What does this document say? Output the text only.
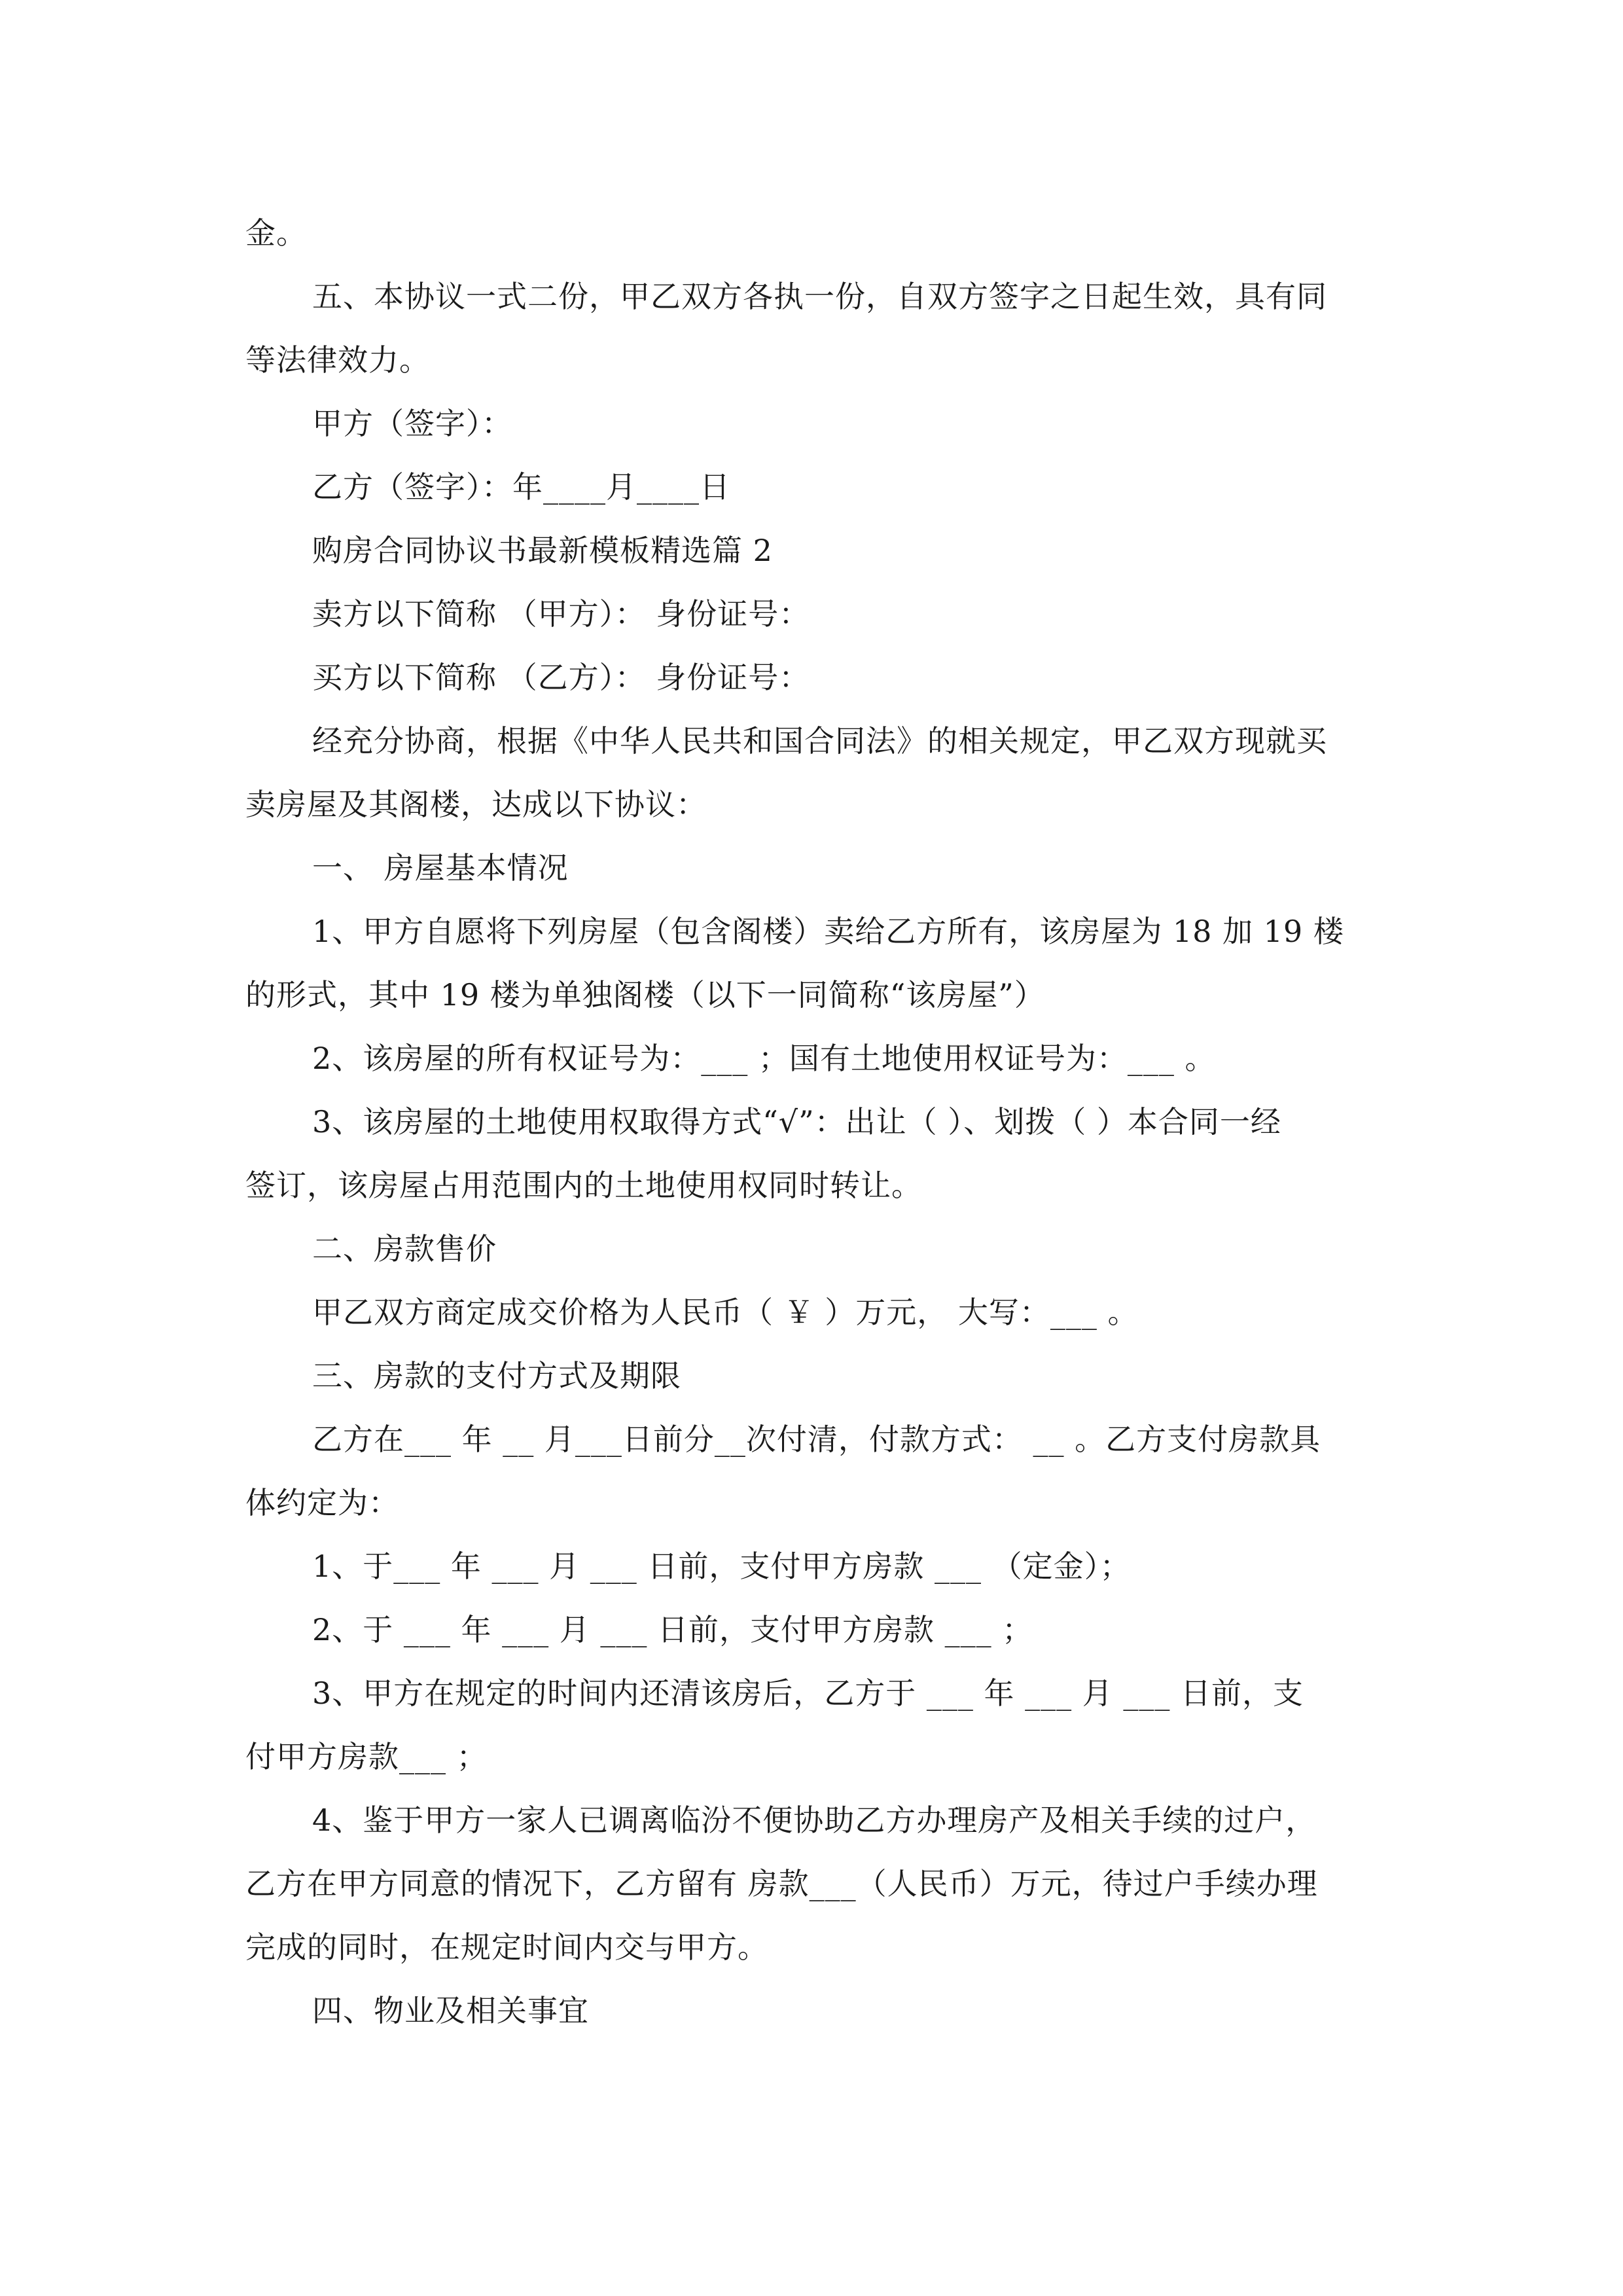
金。

五、本协议一式二份，甲乙双方各执一份，自双方签字之日起生效，具有同

等法律效力。

甲方（签字）：

乙方（签字）：年____月____日

购房合同协议书最新模板精选篇 2

卖方以下简称 （甲方）： 身份证号：

买方以下简称 （乙方）： 身份证号：

经充分协商，根据《中华人民共和国合同法》的相关规定，甲乙双方现就买

卖房屋及其阁楼，达成以下协议：

一、 房屋基本情况

1、甲方自愿将下列房屋（包含阁楼）卖给乙方所有，该房屋为 18 加 19 楼

的形式，其中 19 楼为单独阁楼（以下一同简称“该房屋”）

2、该房屋的所有权证号为：___ ；国有土地使用权证号为：___ 。

3、该房屋的土地使用权取得方式“√”：出让（ ）、划拨（ ）本合同一经

签订，该房屋占用范围内的土地使用权同时转让。

二、房款售价

甲乙双方商定成交价格为人民币（ ￥ ）万元， 大写：___ 。

三、房款的支付方式及期限

乙方在___ 年 __ 月___日前分__次付清，付款方式： __ 。乙方支付房款具

体约定为：

1、于___ 年 ___ 月 ___ 日前，支付甲方房款 ___ （定金）；

2、于 ___ 年 ___ 月 ___ 日前，支付甲方房款 ___ ；

3、甲方在规定的时间内还清该房后，乙方于 ___ 年 ___ 月 ___ 日前，支

付甲方房款___ ；

4、鉴于甲方一家人已调离临汾不便协助乙方办理房产及相关手续的过户，

乙方在甲方同意的情况下，乙方留有 房款___（人民币）万元，待过户手续办理

完成的同时，在规定时间内交与甲方。

四、物业及相关事宜
